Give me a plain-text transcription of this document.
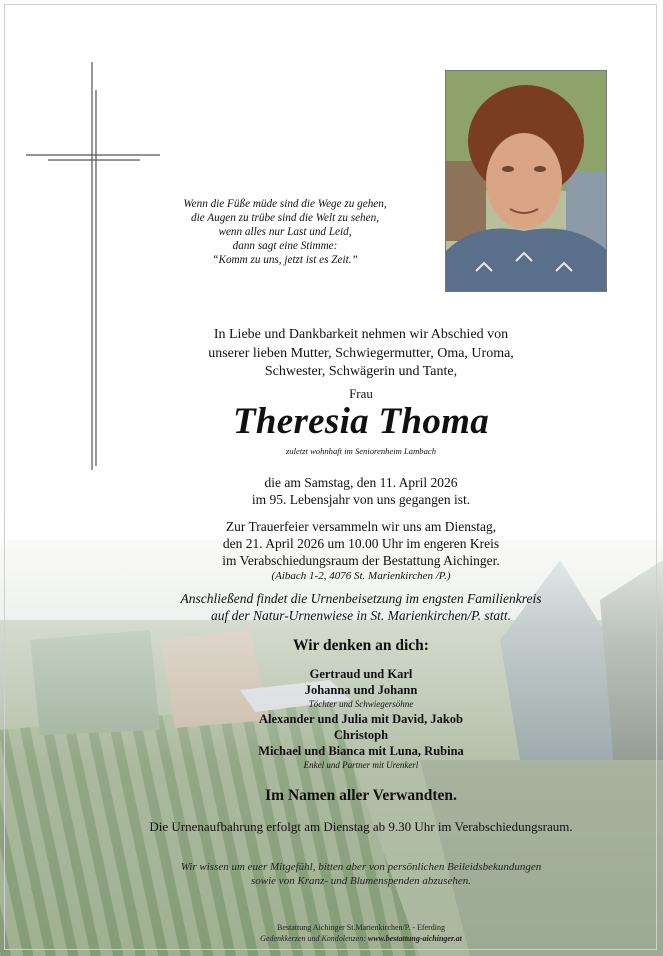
Wenn die Füße müde sind die Wege zu gehen,
die Augen zu trübe sind die Welt zu sehen,
wenn alles nur Last und Leid,
dann sagt eine Stimme:
“Komm zu uns, jetzt ist es Zeit.”
In Liebe und Dankbarkeit nehmen wir Abschied von
unserer lieben Mutter, Schwiegermutter, Oma, Uroma,
Schwester, Schwägerin und Tante,
Frau
Theresia Thoma
zuletzt wohnhaft im Seniorenheim Lambach
die am Samstag, den 11. April 2026
im 95. Lebensjahr von uns gegangen ist.
Zur Trauerfeier versammeln wir uns am Dienstag,
den 21. April 2026 um 10.00 Uhr im engeren Kreis
im Verabschiedungsraum der Bestattung Aichinger.
(Aibach 1-2, 4076 St. Marienkirchen /P.)
Anschließend findet die Urnenbeisetzung im engsten Familienkreis
auf der Natur-Urnenwiese in St. Marienkirchen/P. statt.
Wir denken an dich:
Gertraud und Karl
Johanna und Johann
Töchter und Schwiegersöhne
Alexander und Julia mit David, Jakob
Christoph
Michael und Bianca mit Luna, Rubina
Enkel und Partner mit Urenkerl
Im Namen aller Verwandten.
Die Urnenaufbahrung erfolgt am Dienstag ab 9.30 Uhr im Verabschiedungsraum.
Wir wissen um euer Mitgefühl, bitten aber von persönlichen Beileidsbekundungen
sowie von Kranz- und Blumenspenden abzusehen.
Bestattung Aichinger St.Marienkirchen/P. - Eferding
Gedenkkerzen und Kondolenzen: www.bestattung-aichinger.at
